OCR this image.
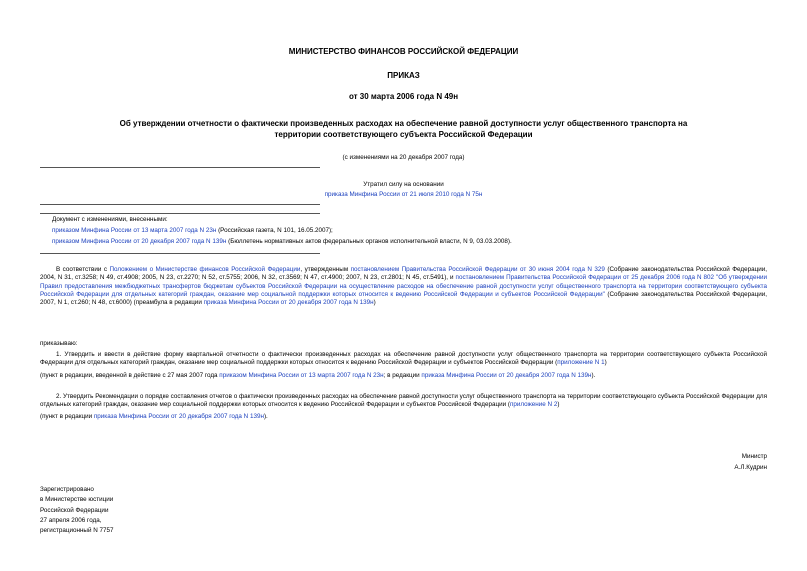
МИНИСТЕРСТВО ФИНАНСОВ РОССИЙСКОЙ ФЕДЕРАЦИИ
ПРИКАЗ
от 30 марта 2006 года N 49н
Об утверждении отчетности о фактически произведенных расходах на обеспечение равной доступности услуг общественного транспорта на территории соответствующего субъекта Российской Федерации
(с изменениями на 20 декабря 2007 года)
Утратил силу на основании
приказа Минфина России от 21 июля 2010 года N 75н
Документ с изменениями, внесенными:
приказом Минфина России от 13 марта 2007 года N 23н (Российская газета, N 101, 16.05.2007);
приказом Минфина России от 20 декабря 2007 года N 139н (Бюллетень нормативных актов федеральных органов исполнительной власти, N 9, 03.03.2008).
В соответствии с Положением о Министерстве финансов Российской Федерации, утвержденным постановлением Правительства Российской Федерации от 30 июня 2004 года N 329 (Собрание законодательства Российской Федерации, 2004, N 31, ст.3258; N 49, ст.4908; 2005, N 23, ст.2270; N 52, ст.5755; 2006, N 32, ст.3569; N 47, ст.4900; 2007, N 23, ст.2801; N 45, ст.5491), и постановлением Правительства Российской Федерации от 25 декабря 2006 года N 802 "Об утверждении Правил предоставления межбюджетных трансфертов бюджетам субъектов Российской Федерации на осуществление расходов на обеспечение равной доступности услуг общественного транспорта на территории соответствующего субъекта Российской Федерации для отдельных категорий граждан, оказание мер социальной поддержки которых относится к ведению Российской Федерации и субъектов Российской Федерации" (Собрание законодательства Российской Федерации, 2007, N 1, ст.260; N 48, ст.6000) (преамбула в редакции приказа Минфина России от 20 декабря 2007 года N 139н)
приказываю:
1. Утвердить и ввести в действие форму квартальной отчетности о фактически произведенных расходах на обеспечение равной доступности услуг общественного транспорта на территории соответствующего субъекта Российской Федерации для отдельных категорий граждан, оказание мер социальной поддержки которых относится к ведению Российской Федерации и субъектов Российской Федерации (приложение N 1)
(пункт в редакции, введенной в действие с 27 мая 2007 года приказом Минфина России от 13 марта 2007 года N 23н; в редакции приказа Минфина России от 20 декабря 2007 года N 139н).
2. Утвердить Рекомендации о порядке составления отчетов о фактически произведенных расходах на обеспечение равной доступности услуг общественного транспорта на территории соответствующего субъекта Российской Федерации для отдельных категорий граждан, оказание мер социальной поддержки которых относится к ведению Российской Федерации и субъектов Российской Федерации (приложение N 2)
(пункт в редакции приказа Минфина России от 20 декабря 2007 года N 139н).
Министр
А.Л.Кудрин
Зарегистрировано
в Министерстве юстиции
Российской Федерации
27 апреля 2006 года,
регистрационный N 7757
